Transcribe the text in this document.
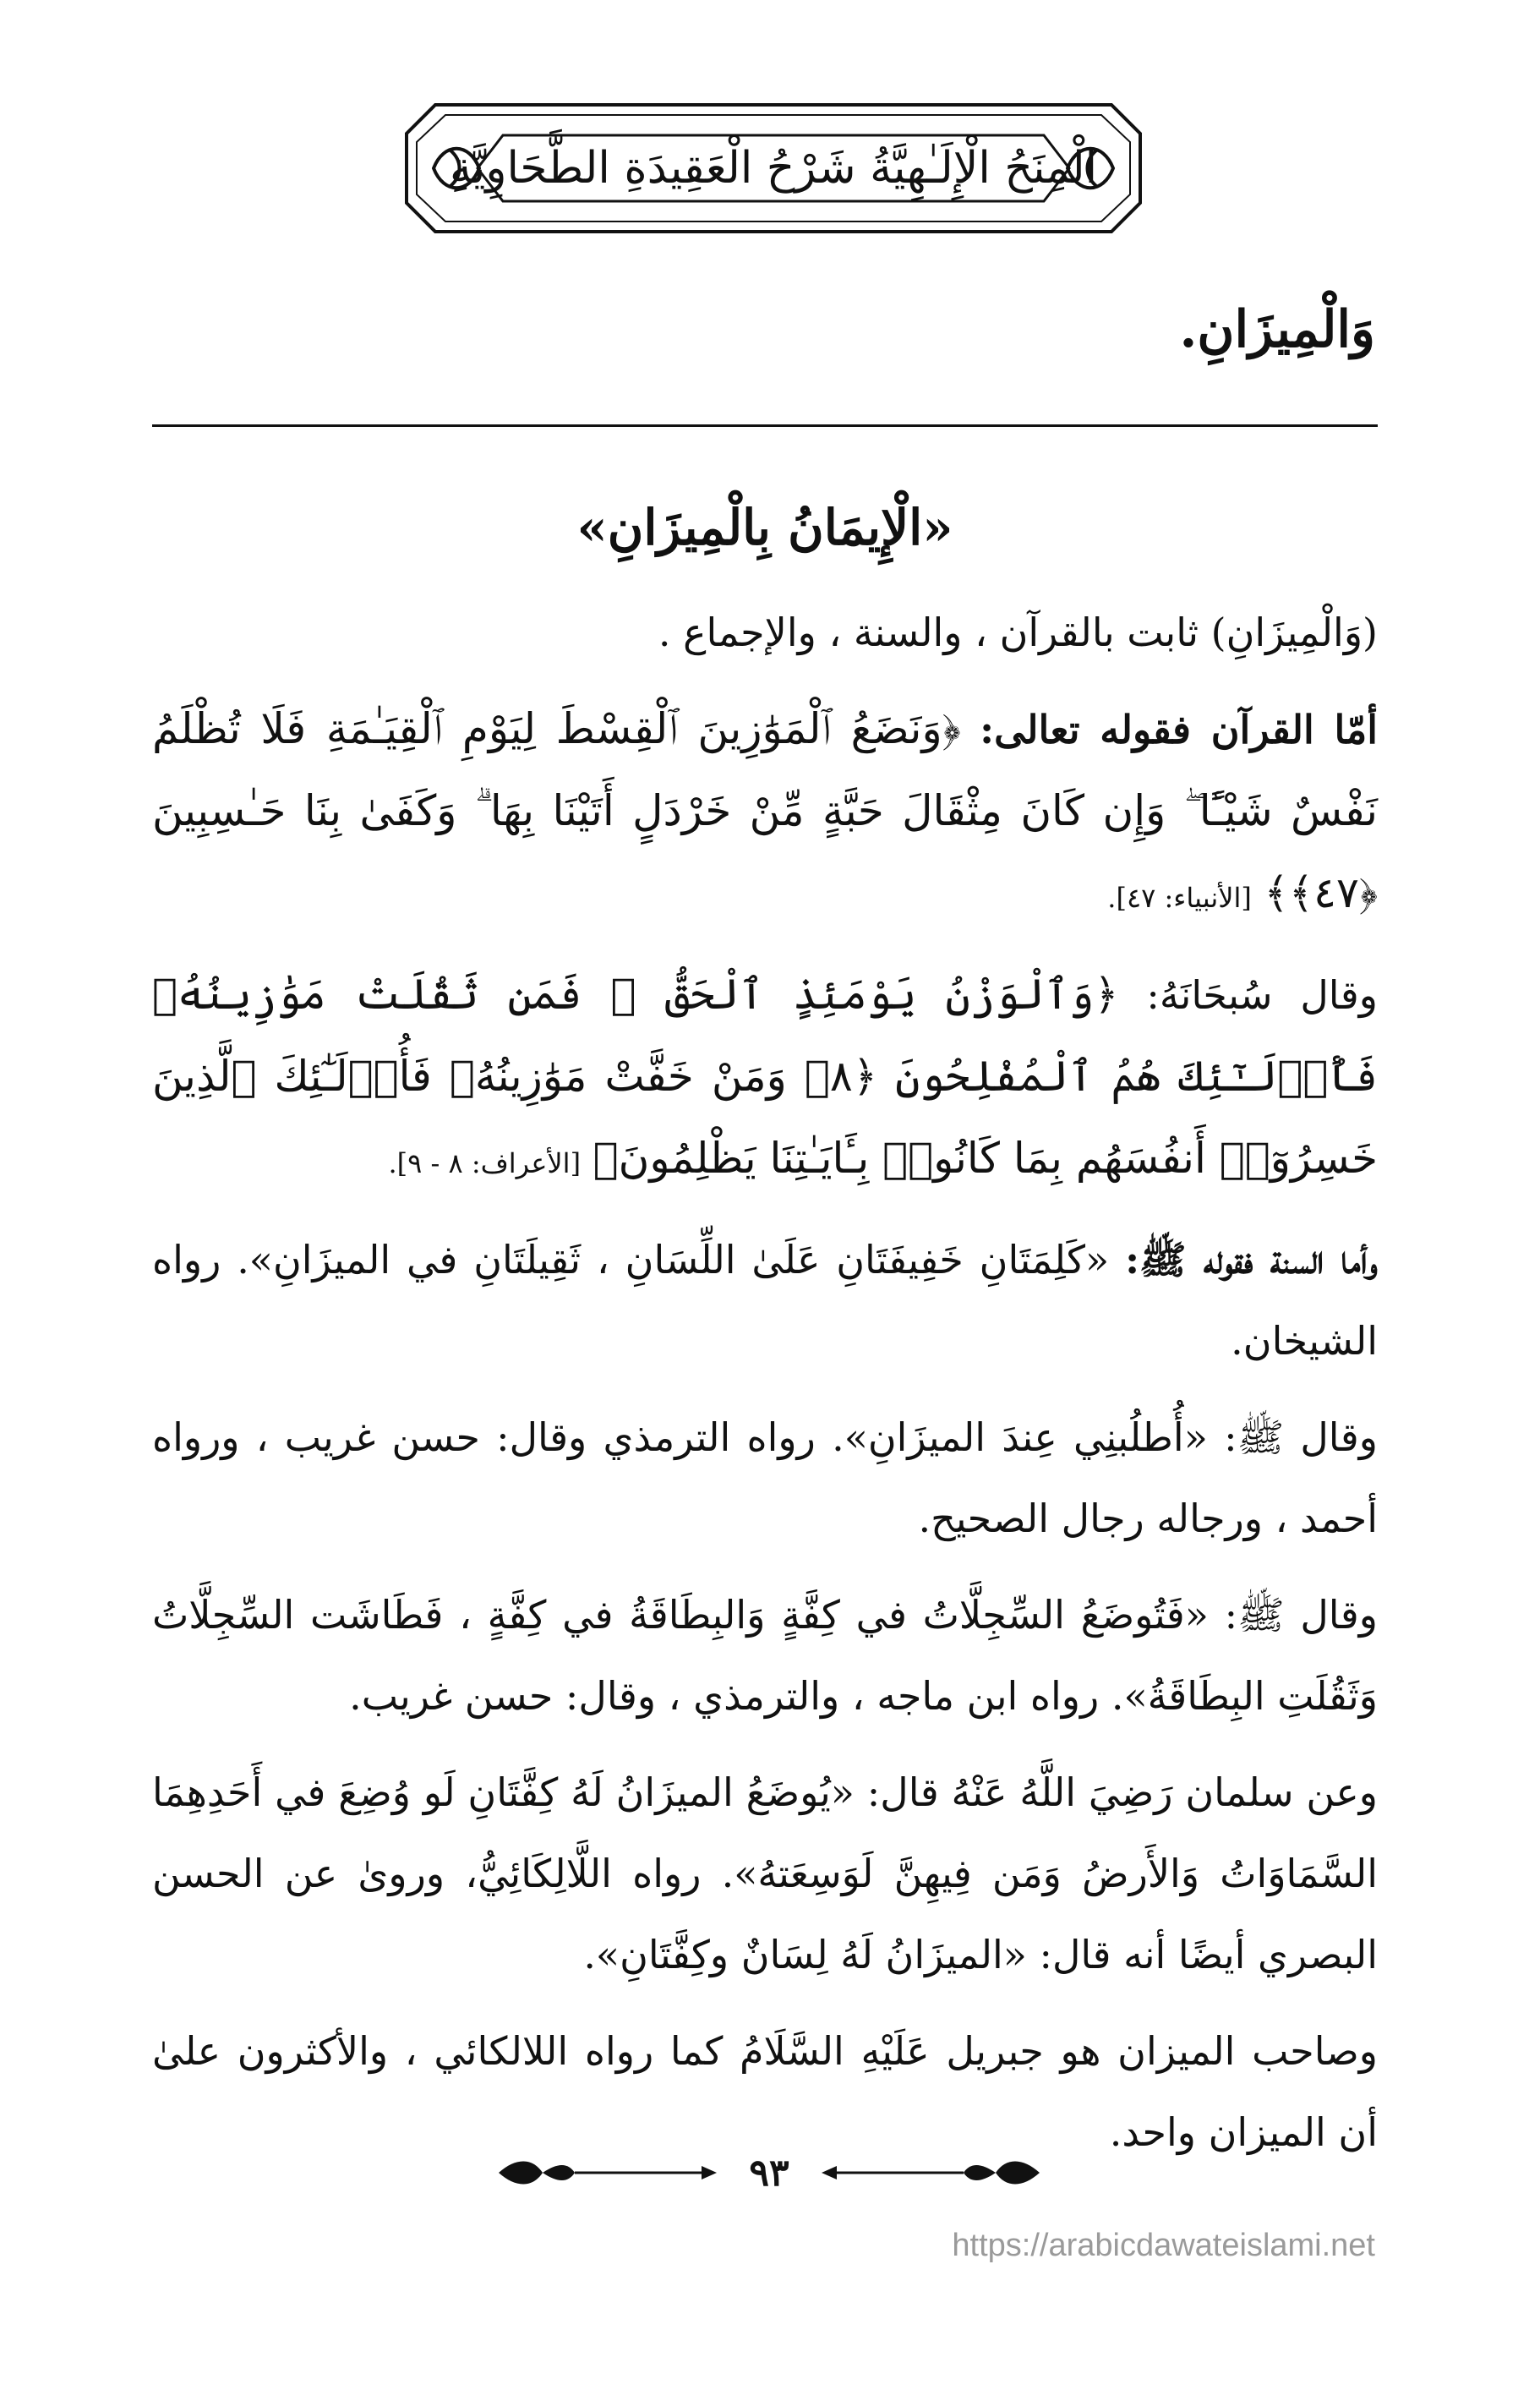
الْمِنَحُ الْإِلَـٰهِيَّةُ شَرْحُ الْعَقِيدَةِ الطَّحَاوِيَّةِ
وَالْمِيزَانِ.
«الْإِيمَانُ بِالْمِيزَانِ»

(وَالْمِيزَانِ) ثابت بالقرآن ، والسنة ، والإجماع .

أمّا القرآن فقوله تعالى: ﴿وَنَضَعُ ٱلْمَوَٰزِينَ ٱلْقِسْطَ لِيَوْمِ ٱلْقِيَـٰمَةِ فَلَا تُظْلَمُ نَفْسٌ شَيْـًٔا ۖ وَإِن كَانَ مِثْقَالَ حَبَّةٍ مِّنْ خَرْدَلٍ أَتَيْنَا بِهَا ۗ وَكَفَىٰ بِنَا حَـٰسِبِينَ ﴿٤٧﴾﴾ [الأنبياء: ٤٧].

وقال سُبحَانَهُ: ﴿وَٱلْوَزْنُ يَوْمَئِذٍ ٱلْحَقُّ ۚ فَمَن ثَقُلَتْ مَوَٰزِينُهُۥ فَأُو۟لَـٰٓئِكَ هُمُ ٱلْمُفْلِحُونَ ﴿٨﴾ وَمَنْ خَفَّتْ مَوَٰزِينُهُۥ فَأُو۟لَـٰٓئِكَ ٱلَّذِينَ خَسِرُوٓا۟ أَنفُسَهُم بِمَا كَانُوا۟ بِـَٔايَـٰتِنَا يَظْلِمُونَ﴾ [الأعراف: ٨ - ٩].

وأما السنة فقوله ﷺ: «كَلِمَتَانِ خَفِيفَتَانِ عَلَىٰ اللِّسَانِ ، ثَقِيلَتَانِ في الميزَانِ». رواه الشيخان.

وقال ﷺ: «أُطلُبنِي عِندَ الميزَانِ». رواه الترمذي وقال: حسن غريب ، ورواه أحمد ، ورجاله رجال الصحيح.

وقال ﷺ: «فَتُوضَعُ السِّجِلَّاتُ في كِفَّةٍ وَالبِطَاقَةُ في كِفَّةٍ ، فَطَاشَت السِّجِلَّاتُ وَثَقُلَتِ البِطَاقَةُ». رواه ابن ماجه ، والترمذي ، وقال: حسن غريب.

وعن سلمان رَضِيَ اللَّهُ عَنْهُ قال: «يُوضَعُ الميزَانُ لَهُ كِفَّتَانِ لَو وُضِعَ في أَحَدِهِمَا السَّمَاوَاتُ وَالأَرضُ وَمَن فِيهِنَّ لَوَسِعَتهُ». رواه اللَّالِكَائِيُّ، وروىٰ عن الحسن البصري أيضًا أنه قال: «الميزَانُ لَهُ لِسَانٌ وكِفَّتَانِ».

وصاحب الميزان هو جبريل عَلَيْهِ السَّلَامُ كما رواه اللالكائي ، والأكثرون علىٰ أن الميزان واحد.

٩٣
https://arabicdawateislami.net
